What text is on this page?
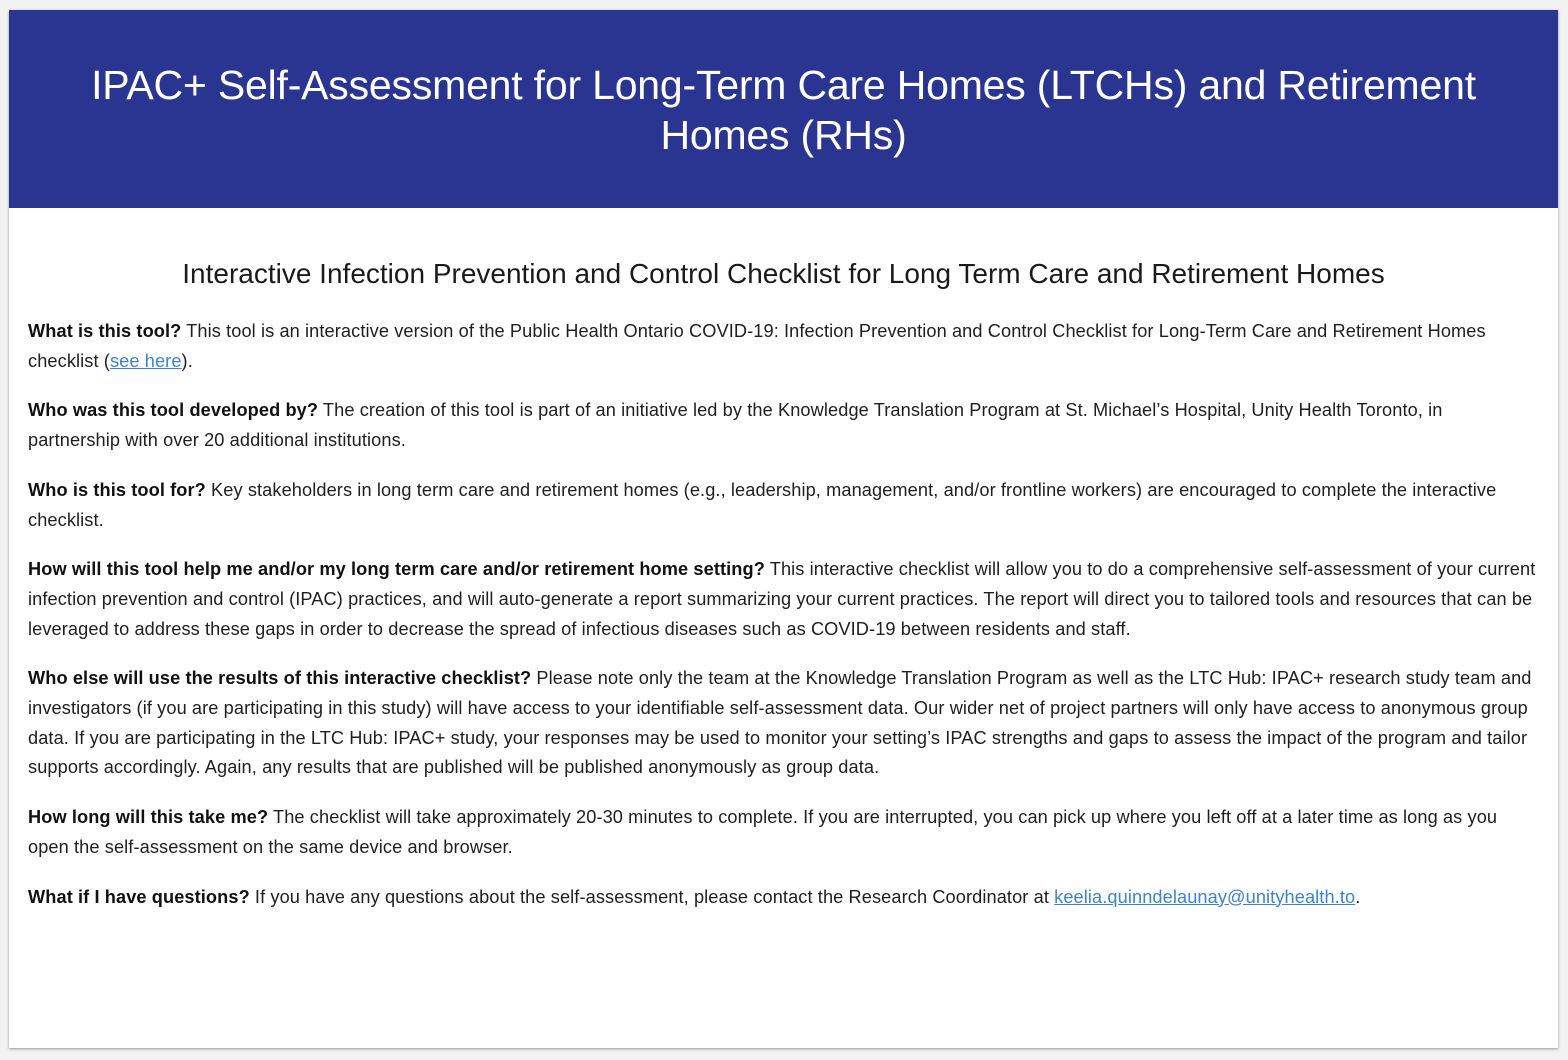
IPAC+ Self-Assessment for Long-Term Care Homes (LTCHs) and Retirement Homes (RHs)
Interactive Infection Prevention and Control Checklist for Long Term Care and Retirement Homes

What is this tool? This tool is an interactive version of the Public Health Ontario COVID-19: Infection Prevention and Control Checklist for Long-Term Care and Retirement Homes checklist (see here).

Who was this tool developed by? The creation of this tool is part of an initiative led by the Knowledge Translation Program at St. Michael’s Hospital, Unity Health Toronto, in partnership with over 20 additional institutions.

Who is this tool for? Key stakeholders in long term care and retirement homes (e.g., leadership, management, and/or frontline workers) are encouraged to complete the interactive checklist.

How will this tool help me and/or my long term care and/or retirement home setting? This interactive checklist will allow you to do a comprehensive self-assessment of your current infection prevention and control (IPAC) practices, and will auto-generate a report summarizing your current practices. The report will direct you to tailored tools and resources that can be leveraged to address these gaps in order to decrease the spread of infectious diseases such as COVID-19 between residents and staff.

Who else will use the results of this interactive checklist? Please note only the team at the Knowledge Translation Program as well as the LTC Hub: IPAC+ research study team and investigators (if you are participating in this study) will have access to your identifiable self-assessment data. Our wider net of project partners will only have access to anonymous group data. If you are participating in the LTC Hub: IPAC+ study, your responses may be used to monitor your setting’s IPAC strengths and gaps to assess the impact of the program and tailor supports accordingly. Again, any results that are published will be published anonymously as group data.

How long will this take me? The checklist will take approximately 20-30 minutes to complete. If you are interrupted, you can pick up where you left off at a later time as long as you open the self-assessment on the same device and browser.

What if I have questions? If you have any questions about the self-assessment, please contact the Research Coordinator at keelia.quinndelaunay@unityhealth.to.
